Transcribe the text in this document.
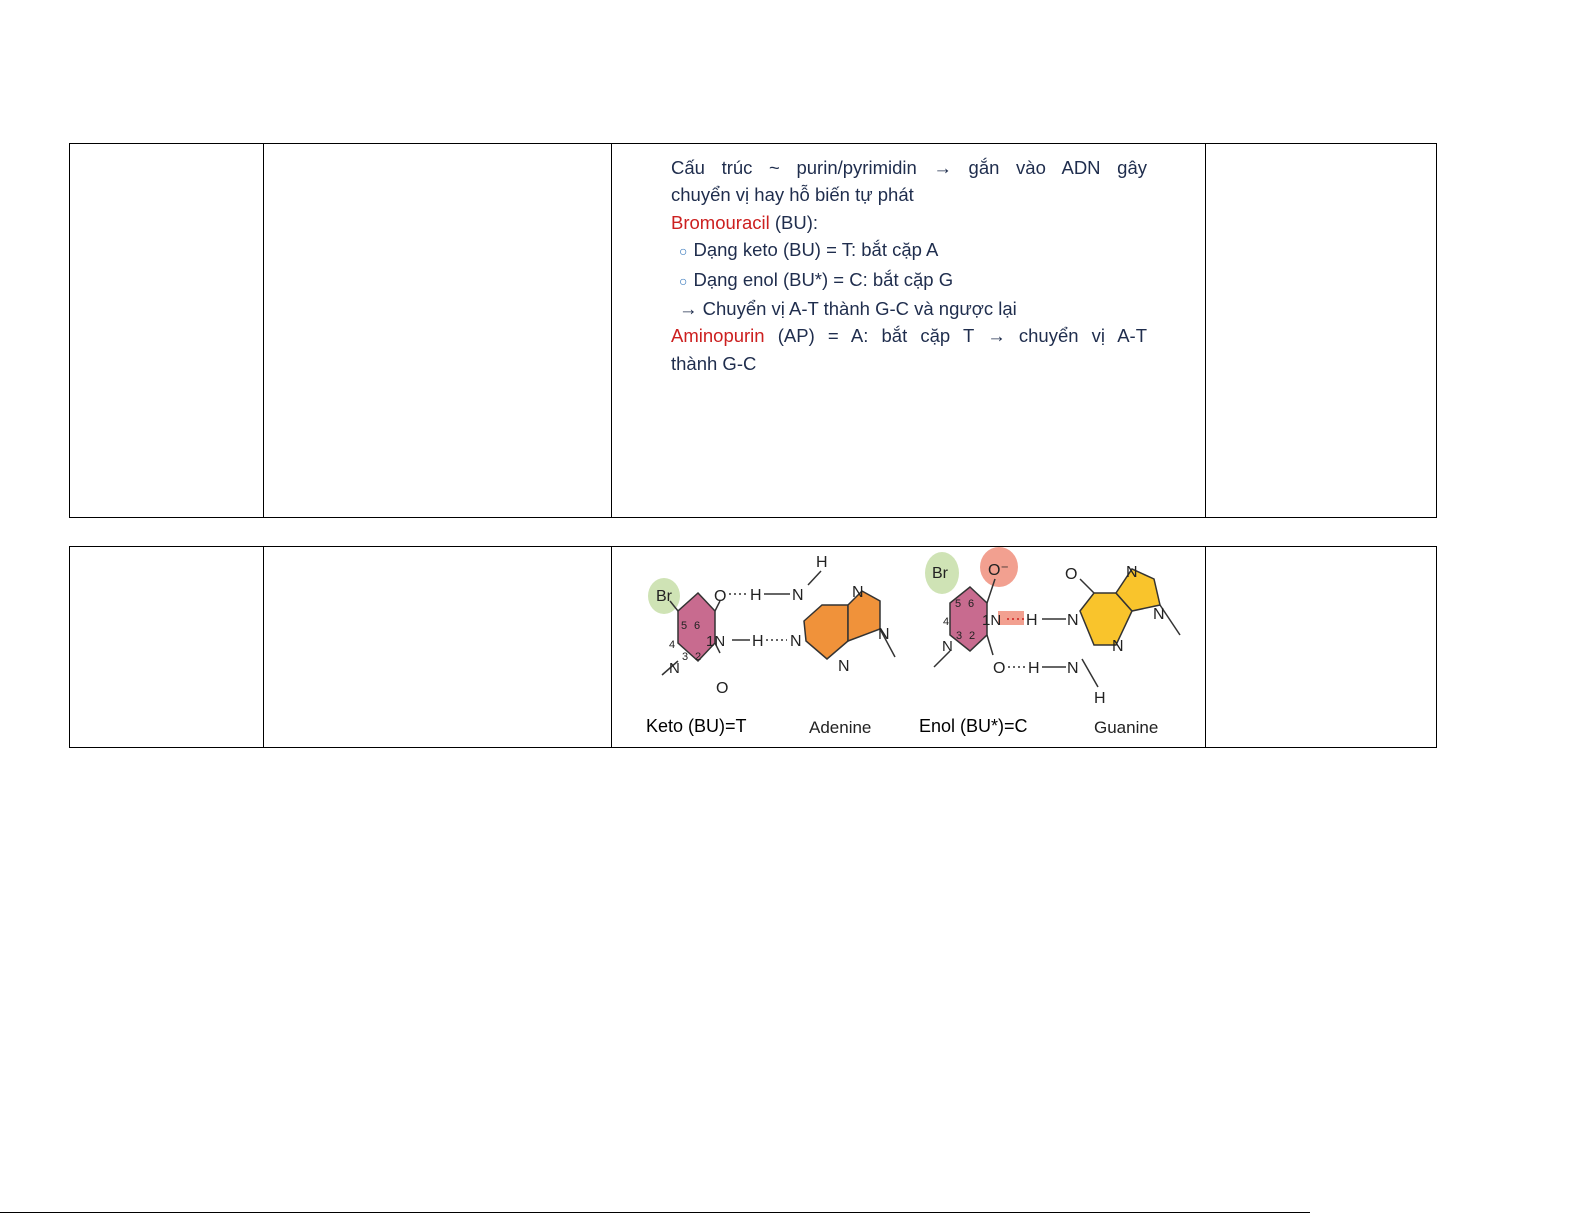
Cấu trúc ~ purin/pyrimidin → gắn vào ADN gây

chuyển vị hay hỗ biến tự phát

Bromouracil (BU):

○ Dạng keto (BU) = T: bắt cặp A

○ Dạng enol (BU*) = C: bắt cặp G

→ Chuyển vị A-T thành G-C và ngược lại

Aminopurin (AP) = A: bắt cặp T → chuyển vị A-T

thành G-C

Br	O
O
1N
N
5 6
4
3 2
H N
H
H N
N
N
N
Br	O⁻
1N
N
5 6
4
3 2
O
H
H
O
N
N
H
N
N
N
Keto (BU)=T	Adenine	Enol (BU*)=C	Guanine
